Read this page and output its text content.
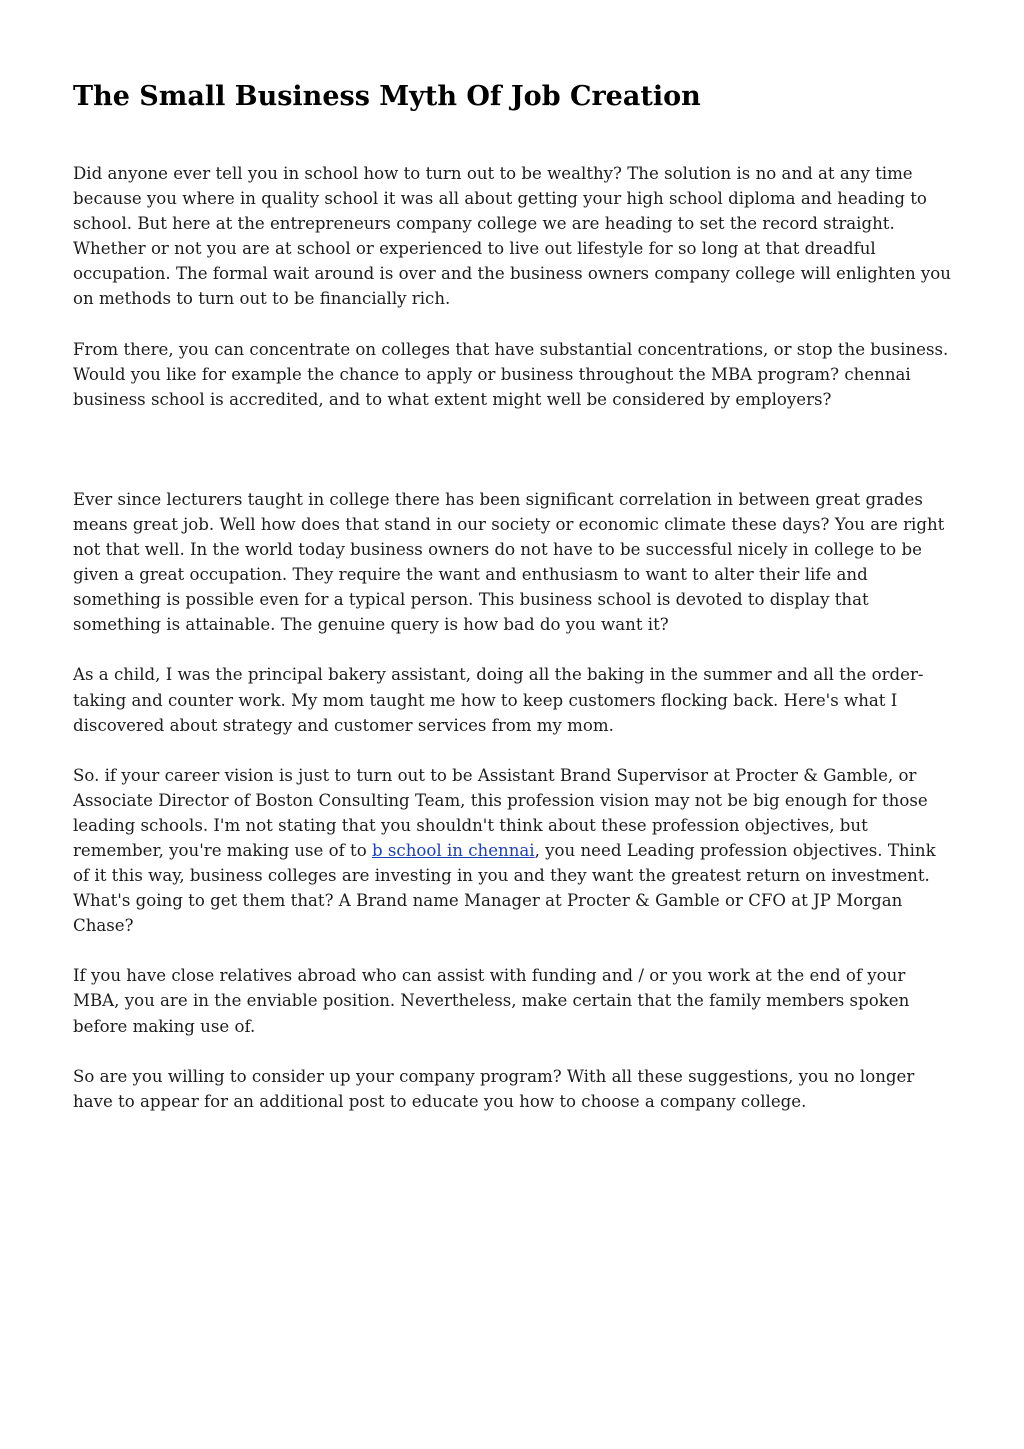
The Small Business Myth Of Job Creation

Did anyone ever tell you in school how to turn out to be wealthy? The solution is no and at any time because you where in quality school it was all about getting your high school diploma and heading to school. But here at the entrepreneurs company college we are heading to set the record straight. Whether or not you are at school or experienced to live out lifestyle for so long at that dreadful occupation. The formal wait around is over and the business owners company college will enlighten you on methods to turn out to be financially rich.

From there, you can concentrate on colleges that have substantial concentrations, or stop the business. Would you like for example the chance to apply or business throughout the MBA program? chennai business school is accredited, and to what extent might well be considered by employers?

Ever since lecturers taught in college there has been significant correlation in between great grades means great job. Well how does that stand in our society or economic climate these days? You are right not that well. In the world today business owners do not have to be successful nicely in college to be given a great occupation. They require the want and enthusiasm to want to alter their life and something is possible even for a typical person. This business school is devoted to display that something is attainable. The genuine query is how bad do you want it?

As a child, I was the principal bakery assistant, doing all the baking in the summer and all the order-taking and counter work. My mom taught me how to keep customers flocking back. Here's what I discovered about strategy and customer services from my mom.

So. if your career vision is just to turn out to be Assistant Brand Supervisor at Procter & Gamble, or Associate Director of Boston Consulting Team, this profession vision may not be big enough for those leading schools. I'm not stating that you shouldn't think about these profession objectives, but remember, you're making use of to b school in chennai, you need Leading profession objectives. Think of it this way, business colleges are investing in you and they want the greatest return on investment. What's going to get them that? A Brand name Manager at Procter & Gamble or CFO at JP Morgan Chase?

If you have close relatives abroad who can assist with funding and / or you work at the end of your MBA, you are in the enviable position. Nevertheless, make certain that the family members spoken before making use of.

So are you willing to consider up your company program? With all these suggestions, you no longer have to appear for an additional post to educate you how to choose a company college.
